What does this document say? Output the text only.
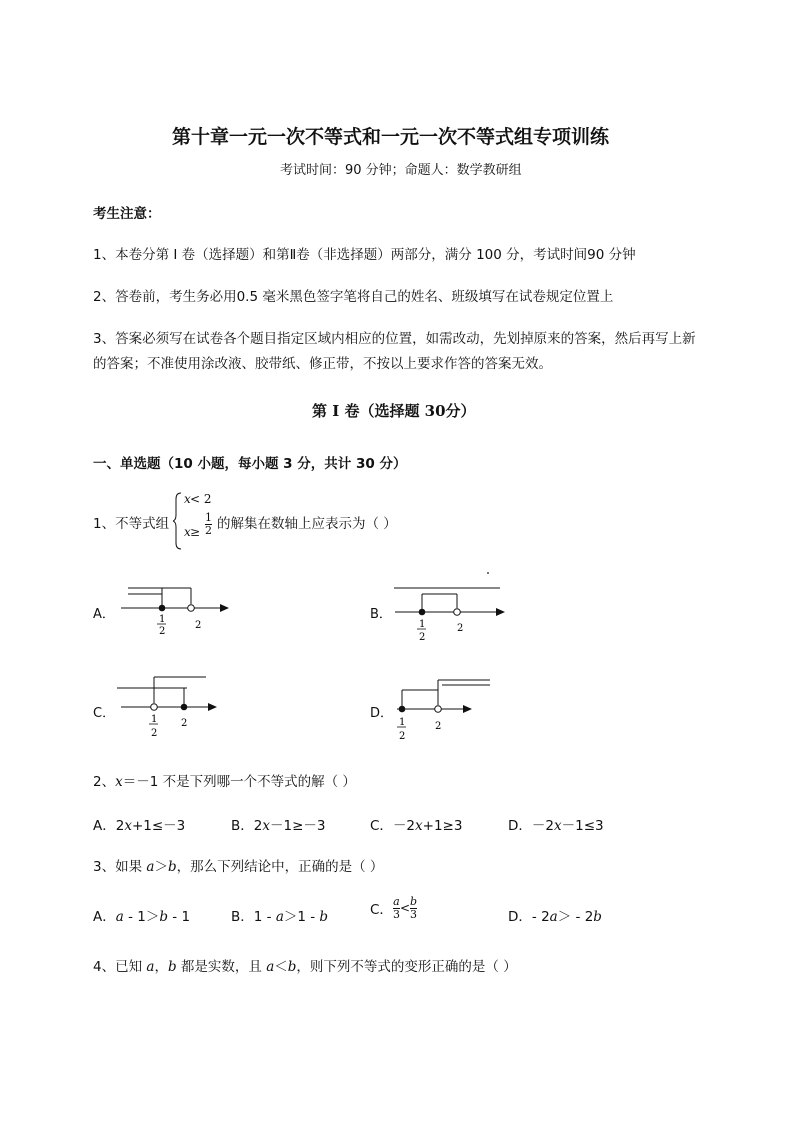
第十章一元一次不等式和一元一次不等式组专项训练
考试时间：90 分钟；命题人：数学教研组
考生注意：
1、本卷分第 I 卷（选择题）和第Ⅱ卷（非选择题）两部分，满分 100 分，考试时间90 分钟
2、答卷前，考生务必用0.5 毫米黑色签字笔将自己的姓名、班级填写在试卷规定位置上
3、答案必须写在试卷各个题目指定区域内相应的位置，如需改动，先划掉原来的答案，然后再写上新
的答案；不准使用涂改液、胶带纸、修正带，不按以上要求作答的答案无效。
第 I 卷（选择题 30分）
一、单选题（10 小题，每小题 3 分，共计 30 分）
1、不等式组
x < 2
x ≥
1
2 的解集在数轴上应表示为（ ）
A．	1
2
2
B．
1
2
2
C．	1
2
2
D．
1
2
2
2、x＝－1 不是下列哪一个不等式的解（ ）
A．2x+1≤－3	B．2x－1≥－3	C．－2x+1≥3	D．－2x－1≤3
3、如果 a＞b，那么下列结论中，正确的是（ ）
A．a - 1＞b - 1	B．1 - a＞1 - b	C． $\frac{a}{3} < \frac{b}{3}$	D．- 2a＞ - 2b
4、已知 a，b 都是实数，且 a＜b，则下列不等式的变形正确的是（ ）
